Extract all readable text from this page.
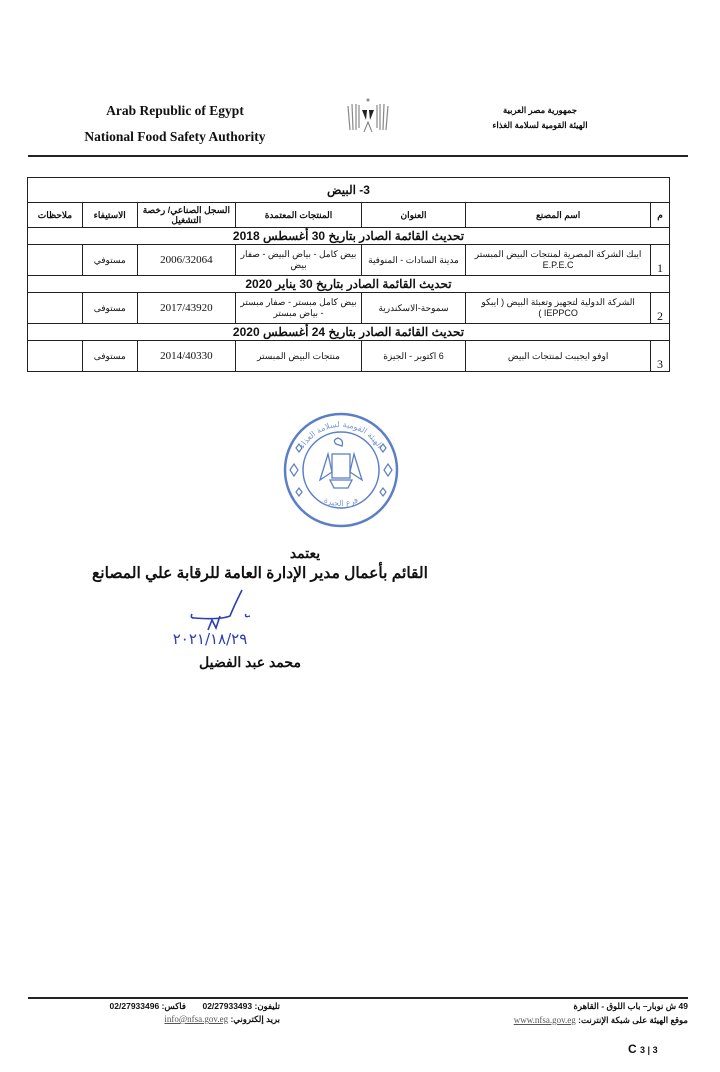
Arab Republic of Egypt
National Food Safety Authority
جمهورية مصر العربية
الهيئة القومية لسلامة الغذاء
3- البيض						
م	اسم المصنع	العنوان	المنتجات المعتمدة	السجل الصناعي/ رخصة التشغيل	الاستيفاء	ملاحظات
تحديث القائمة الصادر بتاريخ 30 أغسطس 2018						
1	ايبك الشركة المصرية لمنتجات البيض المبستر E.P.E.C	مدينة السادات - المنوفية	بيض كامل - بياض البيض - صفار بيض	2006/32064	مستوفي	
تحديث القائمة الصادر بتاريخ 30 يناير 2020						
2	الشركة الدولية لتجهيز وتعبئة البيض ( ايبكو IEPPCO )	سموحة-الاسكندرية	بيض كامل مبستر - صفار مبستر - بياض مبستر	2017/43920	مستوفى	
تحديث القائمة الصادر بتاريخ 24 أغسطس 2020						
3	اوفو ايجيبت لمنتجات البيض	6 اكتوبر - الجيزة	منتجات البيض المبستر	2014/40330	مستوفى	
الهيئة القومية لسلامة الغذاء
فرع الجيزة
يعتمد
القائم بأعمال مدير الإدارة العامة للرقابة علي المصانع
٢٠٢١/١٨/٢٩
محمد عبد الفضيل
49 ش نوبار– باب اللوق - القاهرة
موقع الهيئة على شبكة الإنترنت: www.nfsa.gov.eg
تليفون: 02/27933493       فاكس: 02/27933496
بريد إلكتروني: info@nfsa.gov.eg
C 3 | 3
